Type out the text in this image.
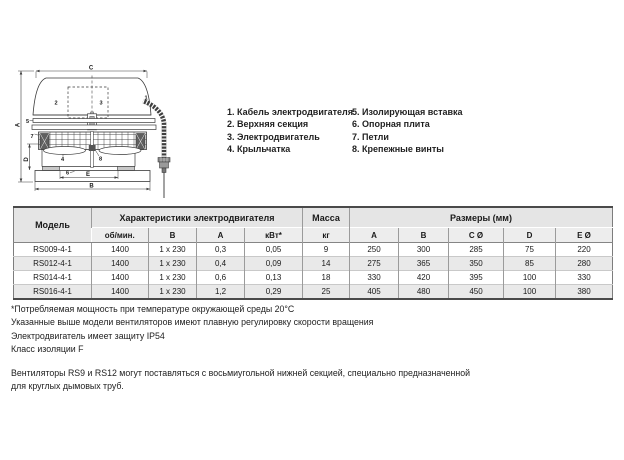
C
A
D
E
B
1
2	3
4
5
6
7
8
1. Кабель электродвигателя
2. Верхняя секция
3. Электродвигатель
4. Крыльчатка
5. Изолирующая вставка
6. Опорная плита
7. Петли
8. Крепежные винты
Модель	Характеристики электродвигателя				Масса	Размеры (мм)				
	об/мин.	В	А	кВт*	кг	A	B	C Ø	D	E Ø
RS009-4-1	1400	1 x 230	0,3	0,05	9	250	300	285	75	220
RS012-4-1	1400	1 x 230	0,4	0,09	14	275	365	350	85	280
RS014-4-1	1400	1 x 230	0,6	0,13	18	330	420	395	100	330
RS016-4-1	1400	1 x 230	1,2	0,29	25	405	480	450	100	380
*Потребляемая мощность при температуре окружающей среды 20°С
Указанные выше модели вентиляторов имеют плавную регулировку скорости вращения
Электродвигатель имеет защиту IP54
Класс изоляции F
Вентиляторы RS9 и RS12 могут поставляться с восьмиугольной нижней секцией, специально предназначенной
для круглых дымовых труб.
